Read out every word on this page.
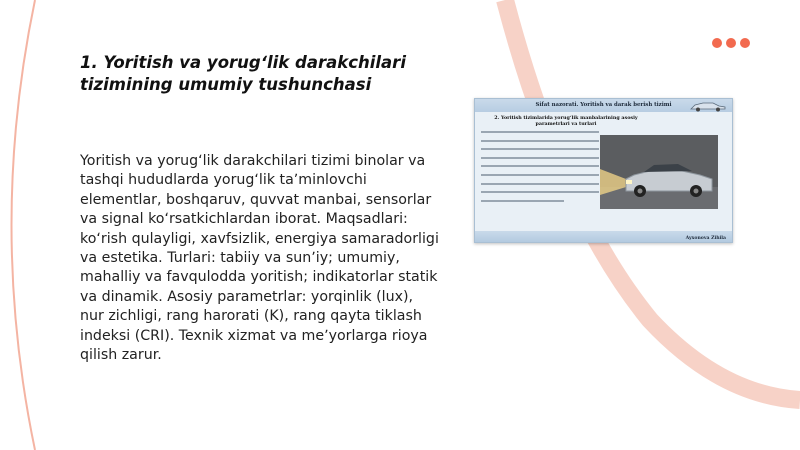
1. Yoritish va yorugʻlik darakchilari
tizimining umumiy tushunchasi
Yoritish va yorugʻlik darakchilari tizimi binolar va tashqi hududlarda yorugʻlik taʼminlovchi elementlar, boshqaruv, quvvat manbai, sensorlar va signal koʻrsatkichlardan iborat. Maqsadlari: koʻrish qulayligi, xavfsizlik, energiya samaradorligi va estetika. Turlari: tabiiy va sunʼiy; umumiy, mahalliy va favqulodda yoritish; indikatorlar statik va dinamik. Asosiy parametrlar: yorqinlik (lux), nur zichligi, rang harorati (K), rang qayta tiklash indeksi (CRI). Texnik xizmat va meʼyorlarga rioya qilish zarur.
Sifat nazorati. Yoritish va darak berish tizimi
2. Yoritish tizimlarida yorugʻlik manbalarining asosiy parametrlari va turlari
Ayxonova Zihila
